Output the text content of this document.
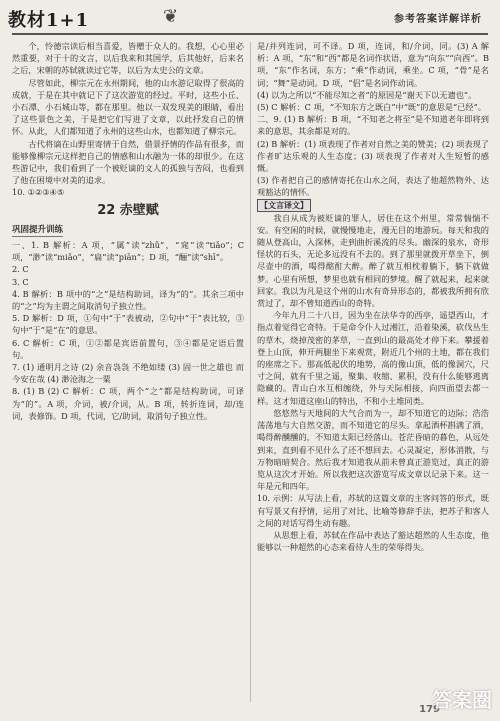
教材1+1	❦	参考答案详解详析

个，怜德宗读后相当喜爱，皆赠于众人的。我想，心心里必然重要，对于十的文言，以后我来和其国学，后其他好，后来名之后，宋朝的苏轼就读过它等，以后为太史公的文章。

尽管如此，柳宗元在永州期间，他的山水游记取得了很高的成就，于是在其中就记下了这次游览的经过。平时，这些小丘、小石潭、小石城山等，都在那里。他以一双发现美的眼睛，看出了这些景色之美，于是把它们写进了文章，以此抒发自己的情怀。从此，人们都知道了永州的这些山水，也都知道了柳宗元。

古代将谪在山野里寄情于自然，借景抒情的作品有很多，而能够像柳宗元这样把自己的情感和山水融为一体的却很少。在这些游记中，我们看到了一个被贬谪的文人的孤独与苦闷，也看到了他在困境中对美的追求。

10. ①②③④⑤

22 赤壁赋
巩固提升训练

一、1. B 解析：A 项，“属”读“zhǔ”，“窕”读“tiǎo”；C 项，“渺”读“miǎo”，“扁”读“piān”；D 项，“酾”读“shī”。

2. C

3. C

4. B 解析：B 项中的“之”是结构助词，译为“的”。其余三项中的“之”均为主谓之间取消句子独立性。

5. D 解析：D 项，①句中“于”表被动，②句中“于”表比较，③句中“于”是“在”的意思。

6. C 解析：C 项，①②都是宾语前置句，③④都是定语后置句。

7. (1) 通明月之诗 (2) 余音袅袅 不绝如缕 (3) 固一世之雄也 而今安在哉 (4) 渺沧海之一粟

8. (1) B (2) C 解析：C 项，两个“之”都是结构助词，可译为“的”。A 项，介词，被/介词，从。B 项，转折连词，却/连词，表修饰。D 项，代词，它/助词，取消句子独立性。

是/并列连词，可不译。D 项，连词，和/介词，同。(3) A 解析：A 项，“东”和“西”都是名词作状语，意为“向东”“向西”。B 项，“东”作名词，东方；“乘”作动词，乘坐。C 项，“骨”是名词；“舞”是动词。D 项，“侣”是名词作动词。

(4) 以为之所以“不能尽知之者”的原因是“谢天下以无遗也”。

(5) C 解析：C 项，“不知东方之既白”中“既”的意思是“已经”。

二、9. (1) B 解析：B 项，“不知老之将至”是不知道老年即将到来的意思，其余都是对的。

(2) B 解析：(1) 项表现了作者对自然之美的赞美；(2) 项表现了作者旷达乐观的人生态度；(3) 项表现了作者对人生短暂的感慨。

(3) 作者把自己的感情寄托在山水之间，表达了他超然物外、达观豁达的情怀。

【文言译文】

我自从成为被贬谪的罪人，居住在这个州里，常常惴惴不安。有空闲的时候，就慢慢地走，漫无目的地游玩。每天和我的随从登高山，入深林，走到曲折溪流的尽头。幽深的泉水，奇形怪状的石头，无论多远没有不去的。到了那里就拨开草坐下，倒尽壶中的酒，喝得酩酊大醉。醉了就互相枕着躺下，躺下就做梦。心里有所想，梦里也就有相同的梦境。醒了就起来，起来就回家。我以为凡是这个州的山水有奇异形态的，都被我所拥有欣赏过了，却不曾知道西山的奇特。

今年九月二十八日，因为坐在法华寺的西亭，遥望西山，才指点着觉得它奇特。于是命令仆人过湘江，沿着染溪，砍伐丛生的草木，烧掉茂密的茅草，一直到山的最高处才停下来。攀援着登上山顶，伸开两腿坐下来观赏，附近几个州的土地，都在我们的座席之下。那高低起伏的地势，高的像山顶，低的像洞穴，尺寸之间，就有千里之遥，聚集、收缩、累积，没有什么能够逃离隐藏的。青山白水互相缠绕，外与天际相接，向四面望去都一样。这才知道这座山的特出，不和小土堆同类。

悠悠然与天地间的大气合而为一，却不知道它的边际；浩浩荡荡地与大自然交游，而不知道它的尽头。拿起酒杯斟满了酒，喝得醉醺醺的，不知道太阳已经落山。苍茫昏暗的暮色，从远处到来，直到看不见什么了还不想回去。心灵凝定，形体消散，与万物暗暗契合。然后我才知道我从前未曾真正游览过，真正的游览从这次才开始。所以我把这次游览写成文章以记录下来。这一年是元和四年。

10. 示例：从写法上看，苏轼的这篇文章的主客问答的形式，既有写景又有抒情，运用了对比、比喻等修辞手法，把苏子和客人之间的对话写得生动有趣。

从思想上看，苏轼在作品中表达了豁达超然的人生态度，他能够以一种超然的心态来看待人生的荣辱得失。

179
答案圈
